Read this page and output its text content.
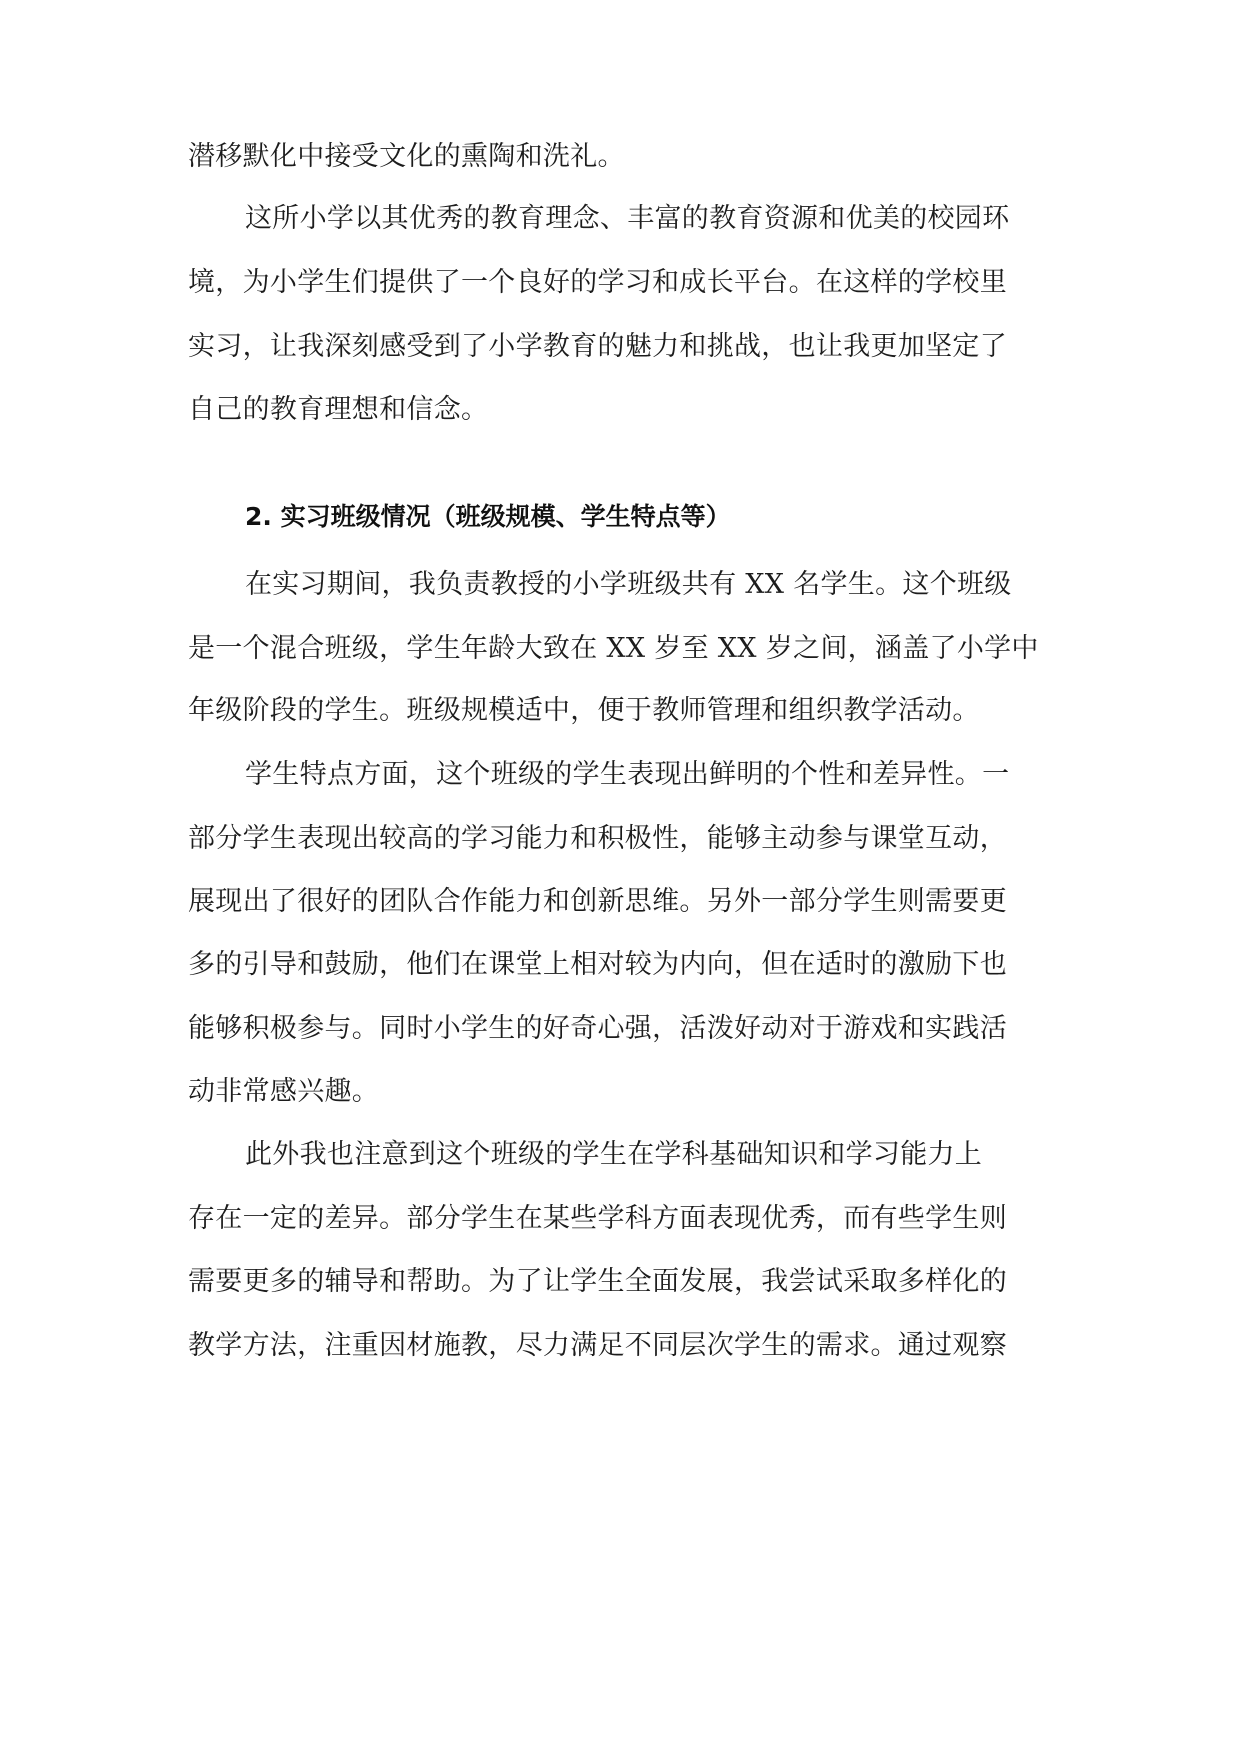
潜移默化中接受文化的熏陶和洗礼。
这所小学以其优秀的教育理念、丰富的教育资源和优美的校园环
境，为小学生们提供了一个良好的学习和成长平台。在这样的学校里
实习，让我深刻感受到了小学教育的魅力和挑战，也让我更加坚定了
自己的教育理想和信念。
2. 实习班级情况（班级规模、学生特点等）
在实习期间，我负责教授的小学班级共有 XX 名学生。这个班级
是一个混合班级，学生年龄大致在 XX 岁至 XX 岁之间，涵盖了小学中
年级阶段的学生。班级规模适中，便于教师管理和组织教学活动。
学生特点方面，这个班级的学生表现出鲜明的个性和差异性。一
部分学生表现出较高的学习能力和积极性，能够主动参与课堂互动，
展现出了很好的团队合作能力和创新思维。另外一部分学生则需要更
多的引导和鼓励，他们在课堂上相对较为内向，但在适时的激励下也
能够积极参与。同时小学生的好奇心强，活泼好动对于游戏和实践活
动非常感兴趣。
此外我也注意到这个班级的学生在学科基础知识和学习能力上
存在一定的差异。部分学生在某些学科方面表现优秀，而有些学生则
需要更多的辅导和帮助。为了让学生全面发展，我尝试采取多样化的
教学方法，注重因材施教，尽力满足不同层次学生的需求。通过观察
